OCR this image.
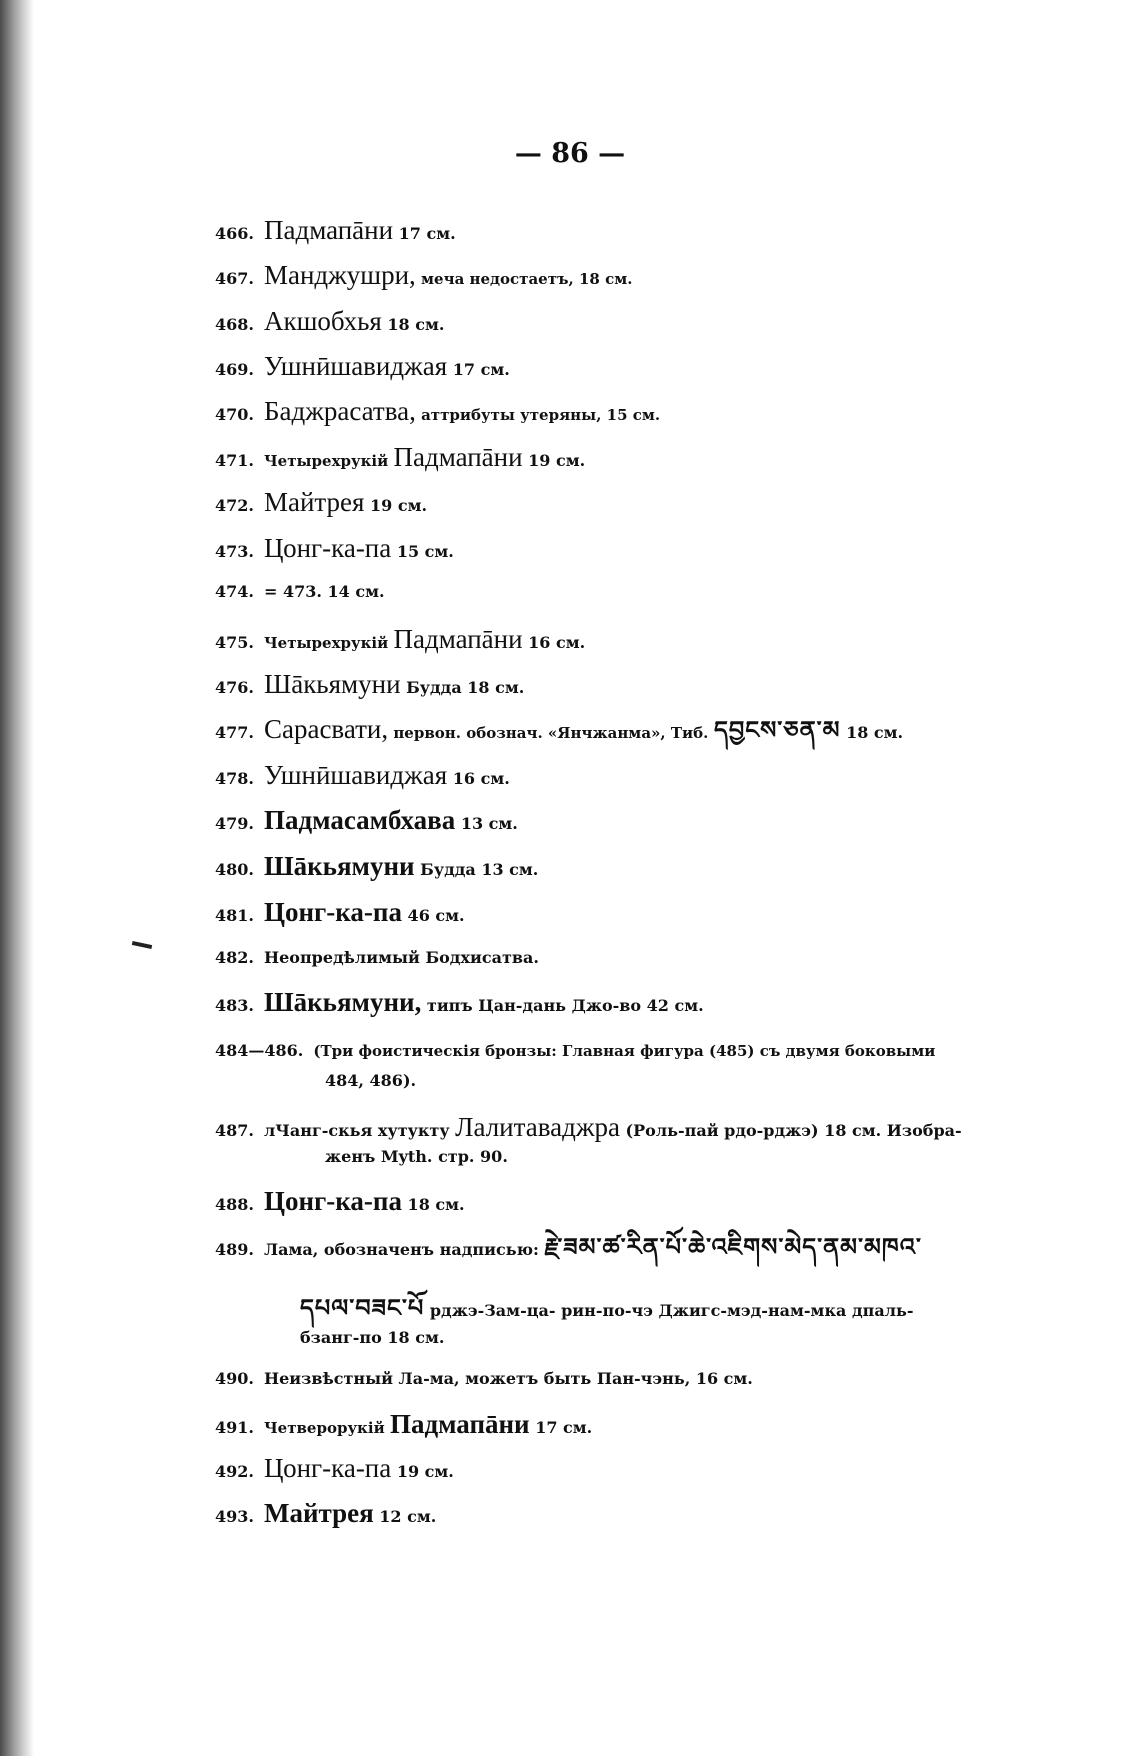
— 86 —
466. Падмапāни 17 см.
467. Манджушри, меча недостаетъ, 18 см.
468. Акшобхья 18 см.
469. Ушнӣшавиджая 17 см.
470. Баджрасатва, аттрибуты утеряны, 15 см.
471. Четырехрукій Падмапāни 19 см.
472. Майтрея 19 см.
473. Цонг-ка-па 15 см.
474. = 473. 14 см.
475. Четырехрукій Падмапāни 16 см.
476. Шāкьямуни Будда 18 см.
477. Сарасвати, первон. обознач. «Янчжанма», Тиб. དབྱངས་ཅན་མ 18 см.
478. Ушнӣшавиджая 16 см.
479. Падмасамбхава 13 см.
480. Шāкьямуни Будда 13 см.
481. Цонг-ка-па 46 см.
482. Неопредѣлимый Бодхисатва.
483. Шāкьямуни, типъ Цан-дань Джо-во 42 см.
484—486. (Три фоистическія бронзы: Главная фигура (485) съ двумя боковыми
484, 486).
487. лЧанг-скья хутукту Лалитаваджра (Роль-пай рдо-рджэ) 18 см. Изобра-
женъ Myth. стр. 90.
488. Цонг-ка-па 18 см.
489. Лама, обозначенъ надписью: རྗེ་ཟམ་ཚ་རིན་པོ་ཆེ་འཇིགས་མེད་ནམ་མཁའ་
དཔལ་བཟང་པོ рджэ-Зам-ца- рин-по-чэ Джигс-мэд-нам-мка дпаль-
бзанг-по 18 см.
490. Неизвѣстный Ла-ма, можетъ быть Пан-чэнь, 16 см.
491. Четверорукій Падмапāни 17 см.
492. Цонг-ка-па 19 см.
493. Майтрея 12 см.
